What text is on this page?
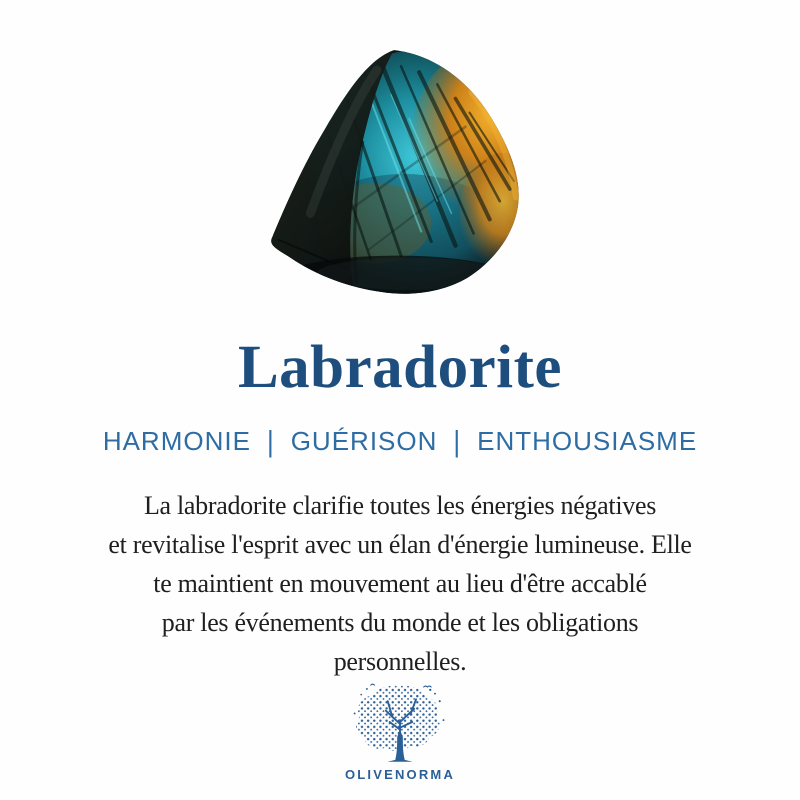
Labradorite
HARMONIE | GUÉRISON | ENTHOUSIASME

La labradorite clarifie toutes les énergies négatives
et revitalise l'esprit avec un élan d'énergie lumineuse. Elle
te maintient en mouvement au lieu d'être accablé
par les événements du monde et les obligations
personnelles.

OLIVENORMA
